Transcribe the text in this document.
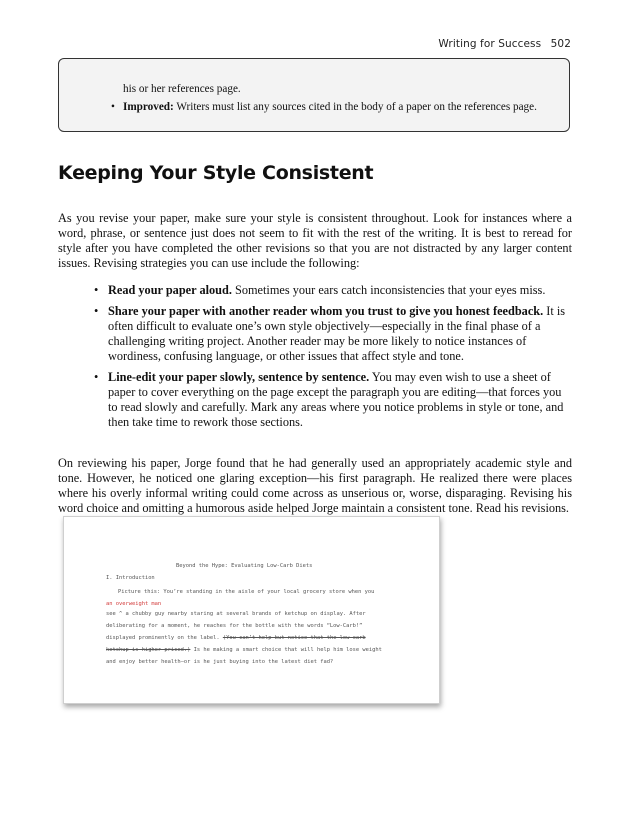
Writing for Success 502
his or her references page.
• Improved: Writers must list any sources cited in the body of a paper on the references page.
Keeping Your Style Consistent

As you revise your paper, make sure your style is consistent throughout. Look for instances where a word, phrase, or sentence just does not seem to fit with the rest of the writing. It is best to reread for style after you have completed the other revisions so that you are not distracted by any larger content issues. Revising strategies you can use include the following:

• Read your paper aloud. Sometimes your ears catch inconsistencies that your eyes miss.
• Share your paper with another reader whom you trust to give you honest feedback. It is often difficult to evaluate one’s own style objectively—especially in the final phase of a challenging writing project. Another reader may be more likely to notice instances of wordiness, confusing language, or other issues that affect style and tone.
• Line-edit your paper slowly, sentence by sentence. You may even wish to use a sheet of paper to cover everything on the page except the paragraph you are editing—that forces you to read slowly and carefully. Mark any areas where you notice problems in style or tone, and then take time to rework those sections.

On reviewing his paper, Jorge found that he had generally used an appropriately academic style and tone. However, he noticed one glaring exception—his first paragraph. He realized there were places where his overly informal writing could come across as unserious or, worse, disparaging. Revising his word choice and omitting a humorous aside helped Jorge maintain a consistent tone. Read his revisions.

Beyond the Hype: Evaluating Low-Carb Diets
I. Introduction
Picture this: You’re standing in the aisle of your local grocery store when you
an overweight man
see ^ a chubby guy nearby staring at several brands of ketchup on display. After
deliberating for a moment, he reaches for the bottle with the words “Low-Carb!”
displayed prominently on the label. (You can’t help but notice that the low-carb
ketchup is higher priced.) Is he making a smart choice that will help him lose weight
and enjoy better health—or is he just buying into the latest diet fad?
